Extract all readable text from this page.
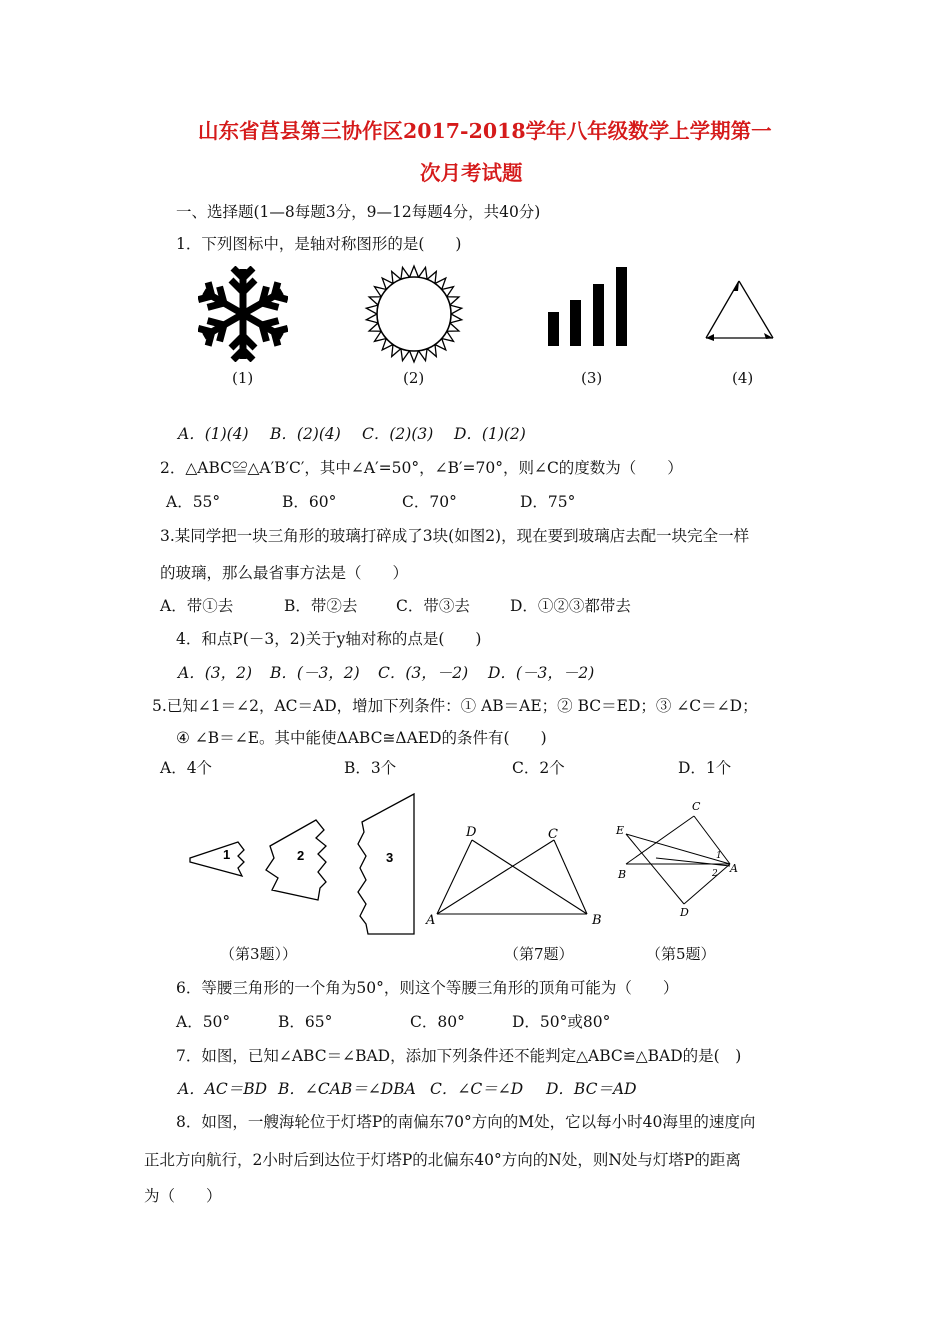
山东省莒县第三协作区2017-2018学年八年级数学上学期第一
次月考试题
一、选择题(1—8每题3分，9—12每题4分，共40分)
1．下列图标中，是轴对称图形的是(　　)
(1)	(2)	(3)	(4)
A．(1)(4) B．(2)(4) C．(2)(3) D．(1)(2)
2．△ABC≌△A′B′C′，其中∠A′=50°，∠B′=70°，则∠C的度数为（　　）
A．55°	B．60°	C．70°	D．75°
3.某同学把一块三角形的玻璃打碎成了3块(如图2)，现在要到玻璃店去配一块完全一样
的玻璃，那么最省事方法是（　　）
A．带①去	B．带②去 C．带③去	D．①②③都带去
4．和点P(－3，2)关于y轴对称的点是(　　)
A．(3，2) B．(－3，2) C．(3，－2) D．(－3，－2)
5.已知∠1＝∠2，AC＝AD，增加下列条件：① AB＝AE；② BC＝ED；③ ∠C＝∠D；
④ ∠B＝∠E。其中能使ΔABC≅ΔAED的条件有(　　)
A．4个	B．3个	C．2个	D．1个
1	2	3
D	C
A	B
C
E
B	A
D
1
2
（第3题））	（第7题）	（第5题）
6．等腰三角形的一个角为50°，则这个等腰三角形的顶角可能为（　　）
A．50°	B．65°	C．80°	D．50°或80°
7．如图，已知∠ABC＝∠BAD，添加下列条件还不能判定△ABC≌△BAD的是(　)
A．AC＝BD B．∠CAB＝∠DBA C．∠C＝∠D D．BC＝AD
8．如图，一艘海轮位于灯塔P的南偏东70°方向的M处，它以每小时40海里的速度向
正北方向航行，2小时后到达位于灯塔P的北偏东40°方向的N处，则N处与灯塔P的距离
为（　　）
